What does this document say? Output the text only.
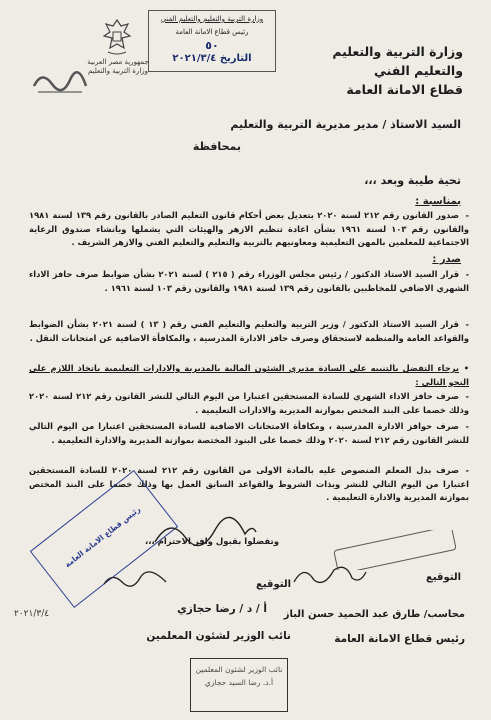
وزارة التربية والتعليم
والتعليم الفني
قطاع الامانة العامة
وزارة التربية والتعليم والتعليم الفني
رئيس قطاع الامانة العامة
٥٠
التاريخ ٢٠٢١/٣/٤
جمهورية مصر العربية وزارة التربية والتعليم
السيد الاستاذ / مدير مديرية التربية والتعليم
بمحافظة
تحية طيبة وبعد ،،،
بمناسبة :
-صدور القانون رقم ٢١٢ لسنة ٢٠٢٠ بتعديل بعض أحكام قانون التعليم الصادر بالقانون رقم ١٣٩ لسنة ١٩٨١ والقانون رقم ١٠٣ لسنة ١٩٦١ بشأن اعادة تنظيم الازهر والهيئات التي يشملها وبانشاء صندوق الرعاية الاجتماعية للمعلمين بالمهن التعليمية ومعاونيهم بالتربية والتعليم والتعليم الفني والازهر الشريف .
صدر :
-قرار السيد الاستاذ الدكتور / رئيس مجلس الوزراء رقم ( ٢١٥ ) لسنة ٢٠٢١ بشأن ضوابط صرف حافز الاداء الشهري الاضافي للمخاطبين بالقانون رقم ١٣٩ لسنة ١٩٨١ والقانون رقم ١٠٣ لسنة ١٩٦١ .
-قرار السيد الاستاذ الدكتور / وزير التربية والتعليم والتعليم الفني رقم ( ١٣ ) لسنة ٢٠٢١ بشأن الضوابط والقواعد العامة والمنظمة لاستحقاق وصرف حافز الادارة المدرسية ، والمكافأة الاضافية عن امتحانات النقل .
•برجاء التفضل بالتنبيه على السادة مديري الشئون المالية بالمديرية والادارات التعليمية باتخاذ اللازم على النحو التالي :
-صرف حافز الاداء الشهري للسادة المستحقين اعتبارا من اليوم التالي للنشر القانون رقم ٢١٢ لسنة ٢٠٢٠ وذلك خصما على البند المختص بموازنة المديرية والادارات التعليمية .
-صرف حوافز الادارة المدرسية ، ومكافأة الامتحانات الاضافية للسادة المستحقين اعتبارا من اليوم التالي للنشر القانون رقم ٢١٢ لسنة ٢٠٢٠ وذلك خصما على البنود المختصة بموازنة المديرية والادارة التعليمية .
-صرف بدل المعلم المنصوص عليه بالمادة الاولى من القانون رقم ٢١٢ لسنة ٢٠٢٠ للسادة المستحقين اعتبارا من اليوم التالي للنشر وبذات الشروط والقواعد السابق العمل بها وذلك خصما على البند المختص بموازنة المديرية والادارة التعليمية .
وتفضلوا بقبول وافر الاحترام ،،،
رئيس قطاع الامانة العامة
التوقيع
التوقيع
أ / د / رضا حجازي محاسب/ طارق عبد الحميد حسن الباز
نائب الوزير لشئون المعلمين	رئيس قطاع الامانة العامة
٢٠٢١/٣/٤
نائب الوزير لشئون المعلمين
أ.د. رضا السيد حجازي
